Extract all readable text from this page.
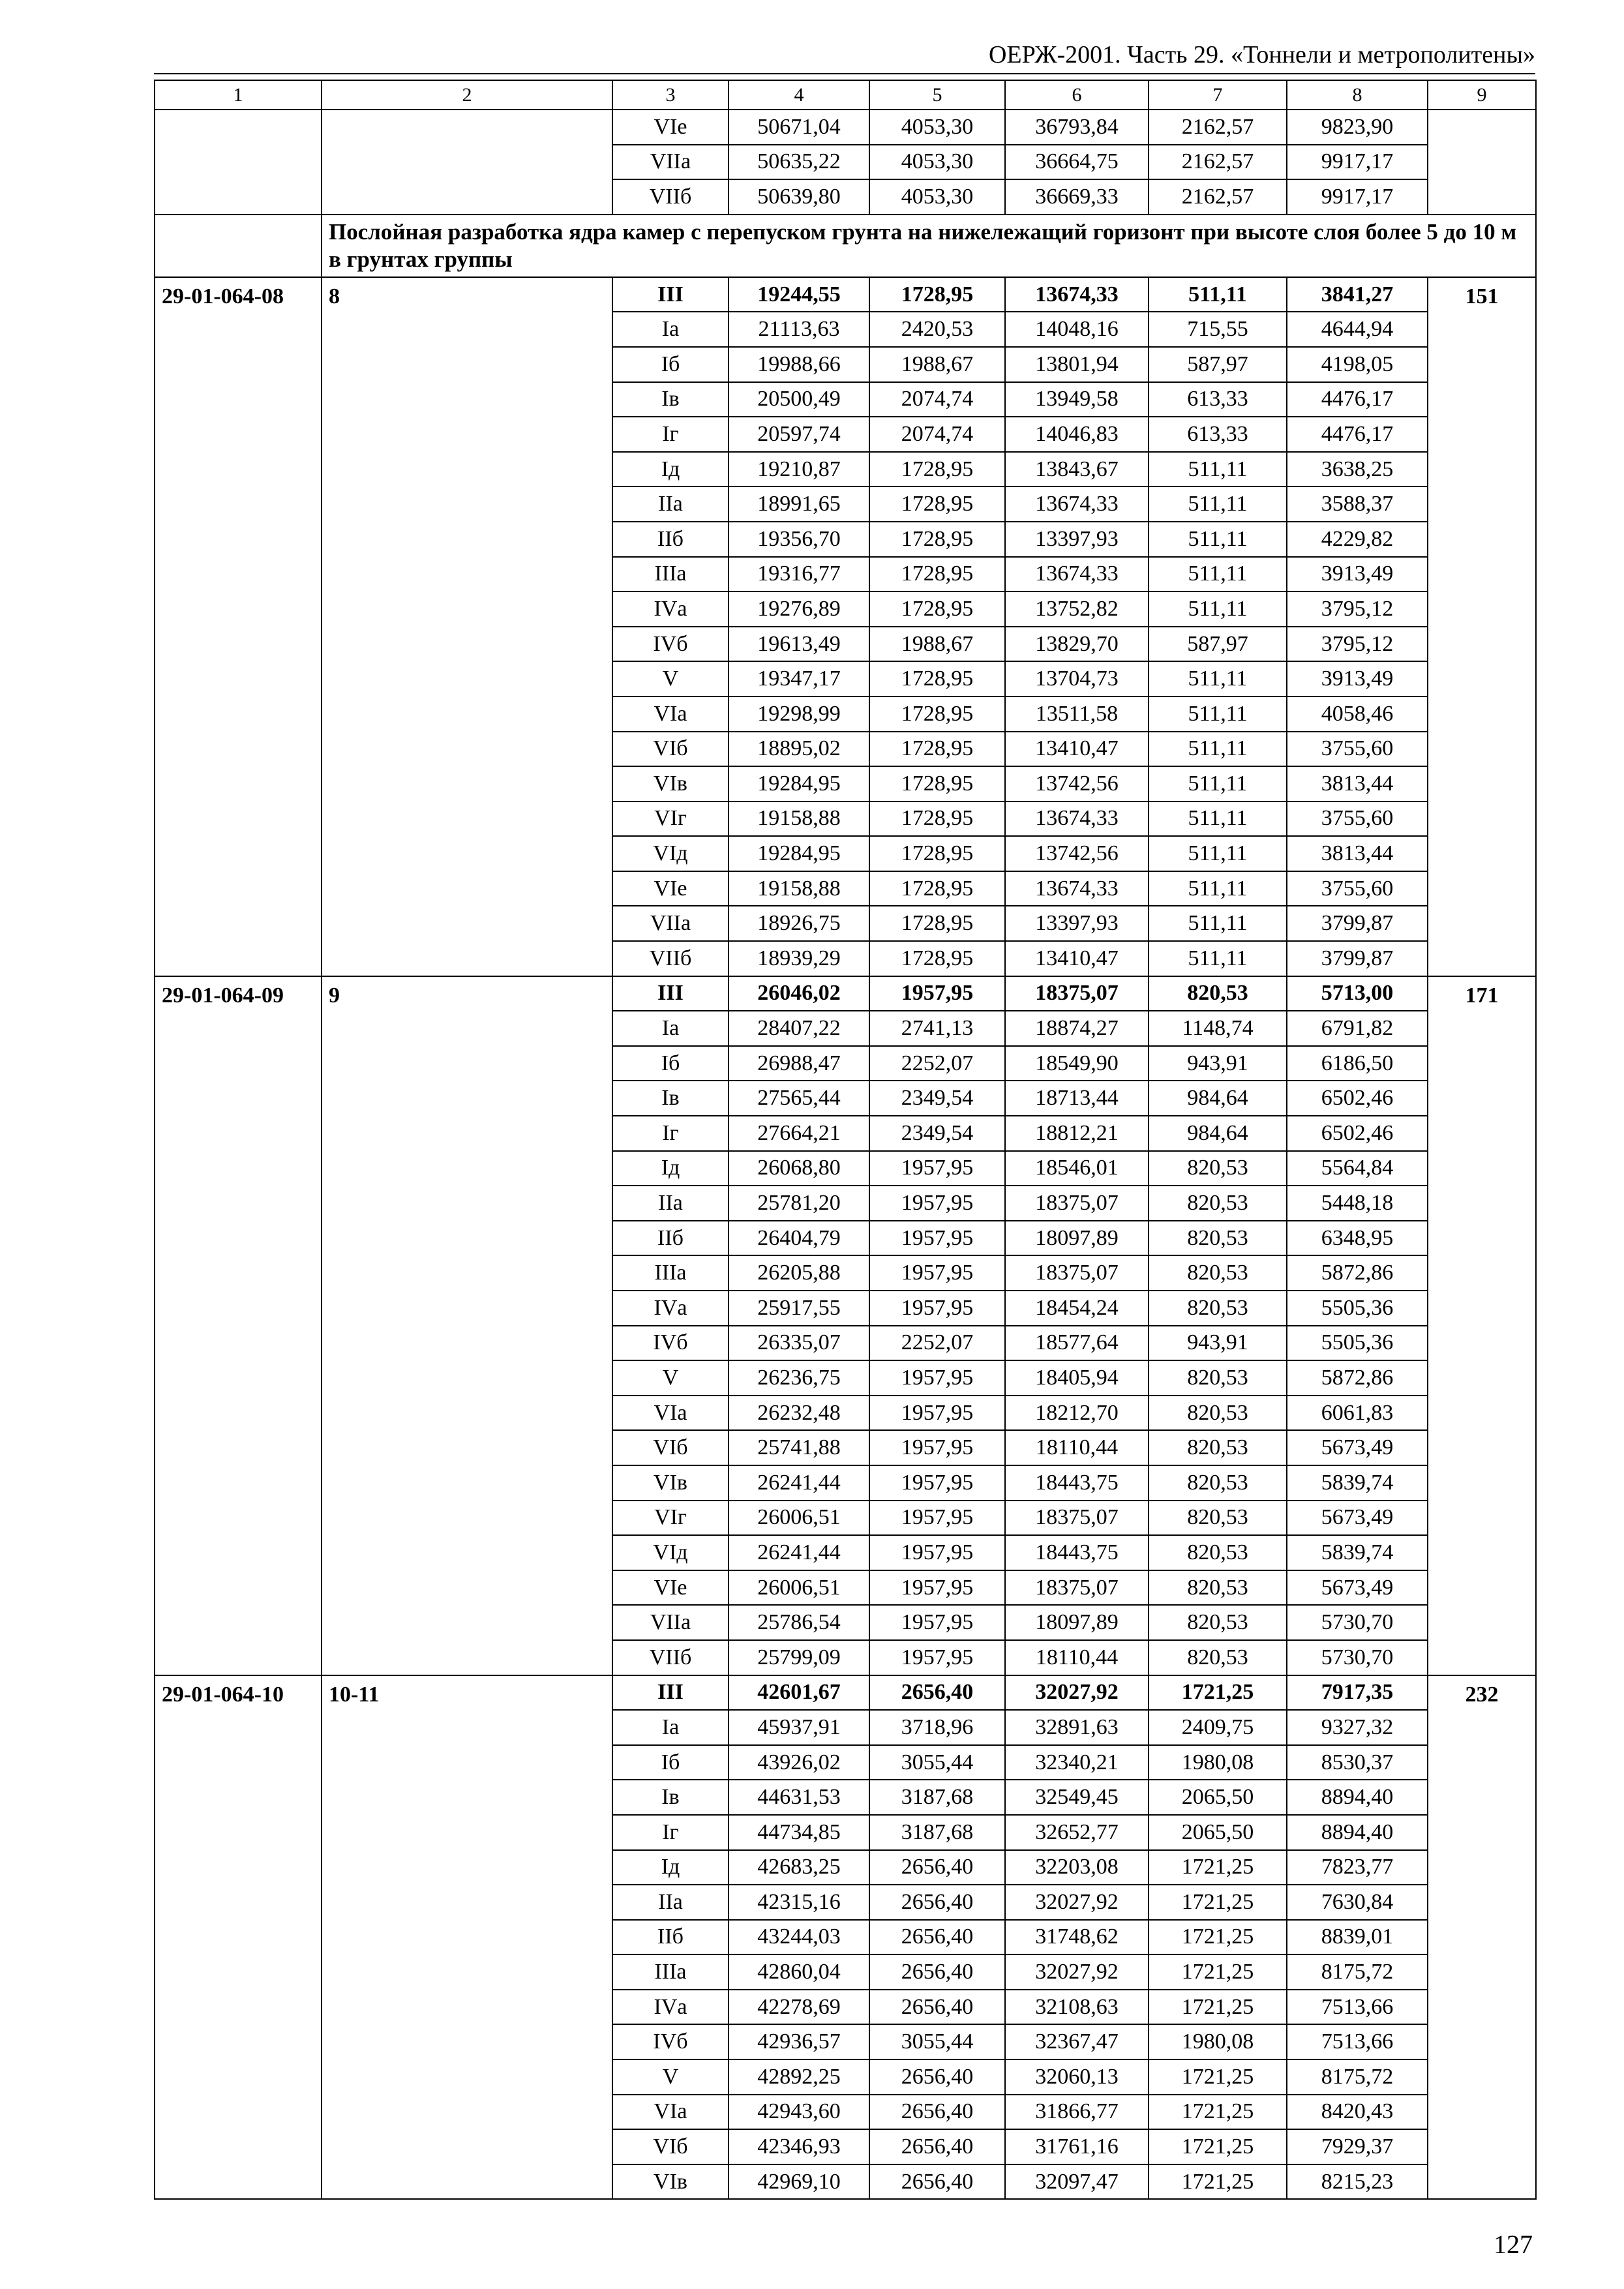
ОЕРЖ-2001. Часть 29. «Тоннели и метрополитены»
1	2	3	4	5	6	7	8	9
		VIе	50671,04	4053,30	36793,84	2162,57	9823,90	
		VIIа	50635,22	4053,30	36664,75	2162,57	9917,17	
		VIIб	50639,80	4053,30	36669,33	2162,57	9917,17	
	Послойная разработка ядра камер с перепуском грунта на нижележащий горизонт при высоте слоя более 5 до 10 м в грунтах группы							
29-01-064-08	8	III	19244,55	1728,95	13674,33	511,11	3841,27	151
		Iа	21113,63	2420,53	14048,16	715,55	4644,94	
		Iб	19988,66	1988,67	13801,94	587,97	4198,05	
		Iв	20500,49	2074,74	13949,58	613,33	4476,17	
		Iг	20597,74	2074,74	14046,83	613,33	4476,17	
		Iд	19210,87	1728,95	13843,67	511,11	3638,25	
		IIа	18991,65	1728,95	13674,33	511,11	3588,37	
		IIб	19356,70	1728,95	13397,93	511,11	4229,82	
		IIIа	19316,77	1728,95	13674,33	511,11	3913,49	
		IVа	19276,89	1728,95	13752,82	511,11	3795,12	
		IVб	19613,49	1988,67	13829,70	587,97	3795,12	
		V	19347,17	1728,95	13704,73	511,11	3913,49	
		VIа	19298,99	1728,95	13511,58	511,11	4058,46	
		VIб	18895,02	1728,95	13410,47	511,11	3755,60	
		VIв	19284,95	1728,95	13742,56	511,11	3813,44	
		VIг	19158,88	1728,95	13674,33	511,11	3755,60	
		VIд	19284,95	1728,95	13742,56	511,11	3813,44	
		VIе	19158,88	1728,95	13674,33	511,11	3755,60	
		VIIа	18926,75	1728,95	13397,93	511,11	3799,87	
		VIIб	18939,29	1728,95	13410,47	511,11	3799,87	
29-01-064-09	9	III	26046,02	1957,95	18375,07	820,53	5713,00	171
		Iа	28407,22	2741,13	18874,27	1148,74	6791,82	
		Iб	26988,47	2252,07	18549,90	943,91	6186,50	
		Iв	27565,44	2349,54	18713,44	984,64	6502,46	
		Iг	27664,21	2349,54	18812,21	984,64	6502,46	
		Iд	26068,80	1957,95	18546,01	820,53	5564,84	
		IIа	25781,20	1957,95	18375,07	820,53	5448,18	
		IIб	26404,79	1957,95	18097,89	820,53	6348,95	
		IIIа	26205,88	1957,95	18375,07	820,53	5872,86	
		IVа	25917,55	1957,95	18454,24	820,53	5505,36	
		IVб	26335,07	2252,07	18577,64	943,91	5505,36	
		V	26236,75	1957,95	18405,94	820,53	5872,86	
		VIа	26232,48	1957,95	18212,70	820,53	6061,83	
		VIб	25741,88	1957,95	18110,44	820,53	5673,49	
		VIв	26241,44	1957,95	18443,75	820,53	5839,74	
		VIг	26006,51	1957,95	18375,07	820,53	5673,49	
		VIд	26241,44	1957,95	18443,75	820,53	5839,74	
		VIе	26006,51	1957,95	18375,07	820,53	5673,49	
		VIIа	25786,54	1957,95	18097,89	820,53	5730,70	
		VIIб	25799,09	1957,95	18110,44	820,53	5730,70	
29-01-064-10	10-11	III	42601,67	2656,40	32027,92	1721,25	7917,35	232
		Iа	45937,91	3718,96	32891,63	2409,75	9327,32	
		Iб	43926,02	3055,44	32340,21	1980,08	8530,37	
		Iв	44631,53	3187,68	32549,45	2065,50	8894,40	
		Iг	44734,85	3187,68	32652,77	2065,50	8894,40	
		Iд	42683,25	2656,40	32203,08	1721,25	7823,77	
		IIа	42315,16	2656,40	32027,92	1721,25	7630,84	
		IIб	43244,03	2656,40	31748,62	1721,25	8839,01	
		IIIа	42860,04	2656,40	32027,92	1721,25	8175,72	
		IVа	42278,69	2656,40	32108,63	1721,25	7513,66	
		IVб	42936,57	3055,44	32367,47	1980,08	7513,66	
		V	42892,25	2656,40	32060,13	1721,25	8175,72	
		VIа	42943,60	2656,40	31866,77	1721,25	8420,43	
		VIб	42346,93	2656,40	31761,16	1721,25	7929,37	
		VIв	42969,10	2656,40	32097,47	1721,25	8215,23	
127
